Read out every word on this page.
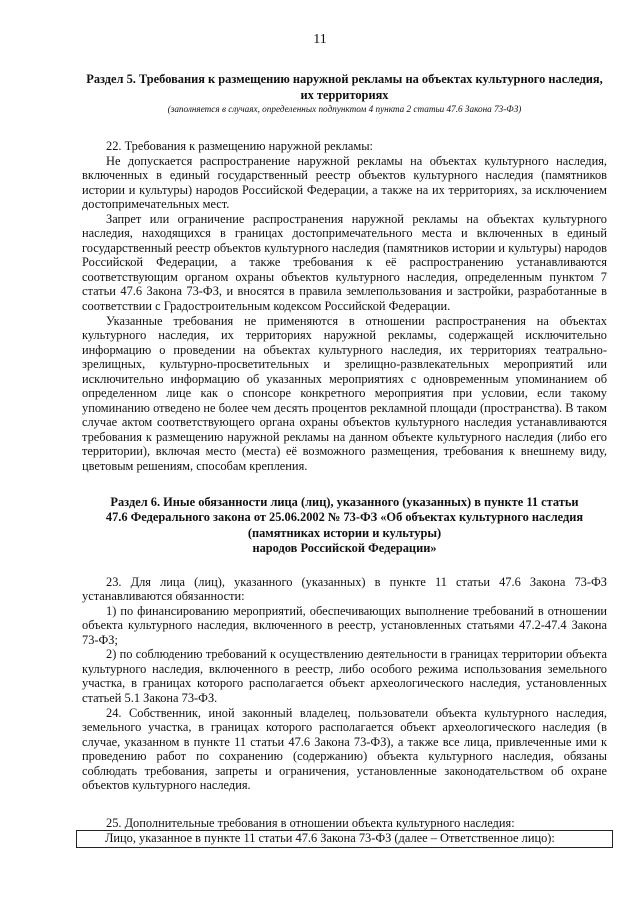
11
Раздел 5. Требования к размещению наружной рекламы на объектах культурного наследия, их территориях
(заполняется в случаях, определенных подпунктом 4 пункта 2 статьи 47.6 Закона 73-ФЗ)

22. Требования к размещению наружной рекламы:

Не допускается распространение наружной рекламы на объектах культурного наследия, включенных в единый государственный реестр объектов культурного наследия (памятников истории и культуры) народов Российской Федерации, а также на их территориях, за исключением достопримечательных мест.

Запрет или ограничение распространения наружной рекламы на объектах культурного наследия, находящихся в границах достопримечательного места и включенных в единый государственный реестр объектов культурного наследия (памятников истории и культуры) народов Российской Федерации, а также требования к её распространению устанавливаются соответствующим органом охраны объектов культурного наследия, определенным пунктом 7 статьи 47.6 Закона 73-ФЗ, и вносятся в правила землепользования и застройки, разработанные в соответствии с Градостроительным кодексом Российской Федерации.

Указанные требования не применяются в отношении распространения на объектах культурного наследия, их территориях наружной рекламы, содержащей исключительно информацию о проведении на объектах культурного наследия, их территориях театрально-зрелищных, культурно-просветительных и зрелищно-развлекательных мероприятий или исключительно информацию об указанных мероприятиях с одновременным упоминанием об определенном лице как о спонсоре конкретного мероприятия при условии, если такому упоминанию отведено не более чем десять процентов рекламной площади (пространства). В таком случае актом соответствующего органа охраны объектов культурного наследия устанавливаются требования к размещению наружной рекламы на данном объекте культурного наследия (либо его территории), включая место (места) её возможного размещения, требования к внешнему виду, цветовым решениям, способам крепления.

Раздел 6. Иные обязанности лица (лиц), указанного (указанных) в пункте 11 статьи
47.6 Федерального закона от 25.06.2002 № 73-ФЗ «Об объектах культурного наследия
(памятниках истории и культуры)
народов Российской Федерации»

23. Для лица (лиц), указанного (указанных) в пункте 11 статьи 47.6 Закона 73-ФЗ устанавливаются обязанности:

1) по финансированию мероприятий, обеспечивающих выполнение требований в отношении объекта культурного наследия, включенного в реестр, установленных статьями 47.2-47.4 Закона 73-ФЗ;

2) по соблюдению требований к осуществлению деятельности в границах территории объекта культурного наследия, включенного в реестр, либо особого режима использования земельного участка, в границах которого располагается объект археологического наследия, установленных статьей 5.1 Закона 73-ФЗ.

24. Собственник, иной законный владелец, пользователи объекта культурного наследия, земельного участка, в границах которого располагается объект археологического наследия (в случае, указанном в пункте 11 статьи 47.6 Закона 73-ФЗ), а также все лица, привлеченные ими к проведению работ по сохранению (содержанию) объекта культурного наследия, обязаны соблюдать требования, запреты и ограничения, установленные законодательством об охране объектов культурного наследия.

25. Дополнительные требования в отношении объекта культурного наследия:

Лицо, указанное в пункте 11 статьи 47.6 Закона 73-ФЗ (далее – Ответственное лицо):
